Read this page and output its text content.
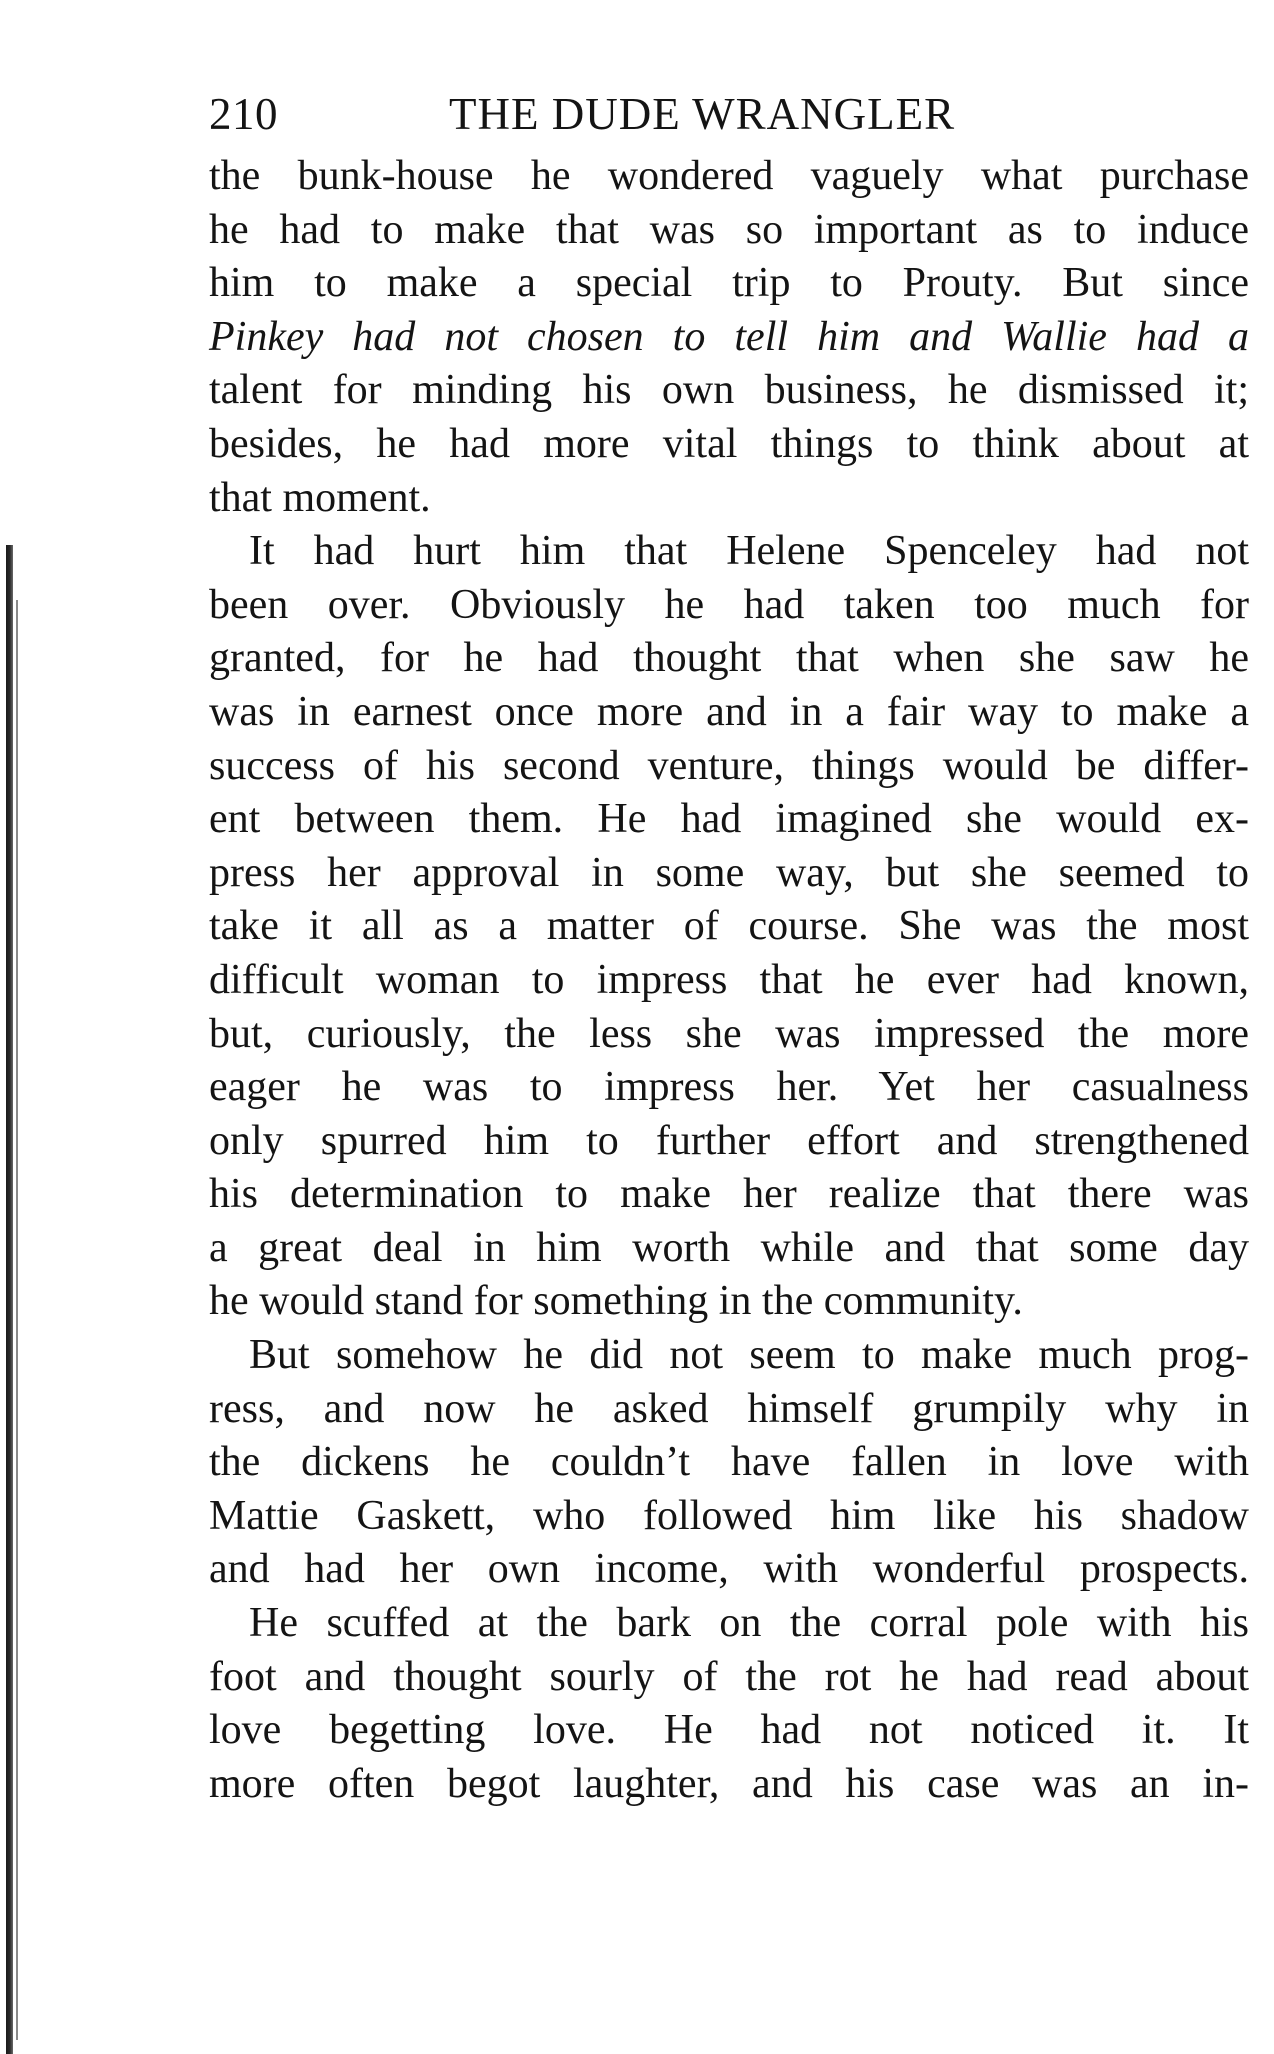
210	THE DUDE WRANGLER

the bunk-house he wondered vaguely what purchase
he had to make that was so important as to induce
him to make a special trip to Prouty. But since
Pinkey had not chosen to tell him and Wallie had a
talent for minding his own business, he dismissed it;
besides, he had more vital things to think about at
that moment.

It had hurt him that Helene Spenceley had not
been over. Obviously he had taken too much for
granted, for he had thought that when she saw he
was in earnest once more and in a fair way to make a
success of his second venture, things would be differ-
ent between them. He had imagined she would ex-
press her approval in some way, but she seemed to
take it all as a matter of course. She was the most
difficult woman to impress that he ever had known,
but, curiously, the less she was impressed the more
eager he was to impress her. Yet her casualness
only spurred him to further effort and strengthened
his determination to make her realize that there was
a great deal in him worth while and that some day
he would stand for something in the community.

But somehow he did not seem to make much prog-
ress, and now he asked himself grumpily why in
the dickens he couldn’t have fallen in love with
Mattie Gaskett, who followed him like his shadow
and had her own income, with wonderful prospects.

He scuffed at the bark on the corral pole with his
foot and thought sourly of the rot he had read about
love begetting love. He had not noticed it. It
more often begot laughter, and his case was an in-
